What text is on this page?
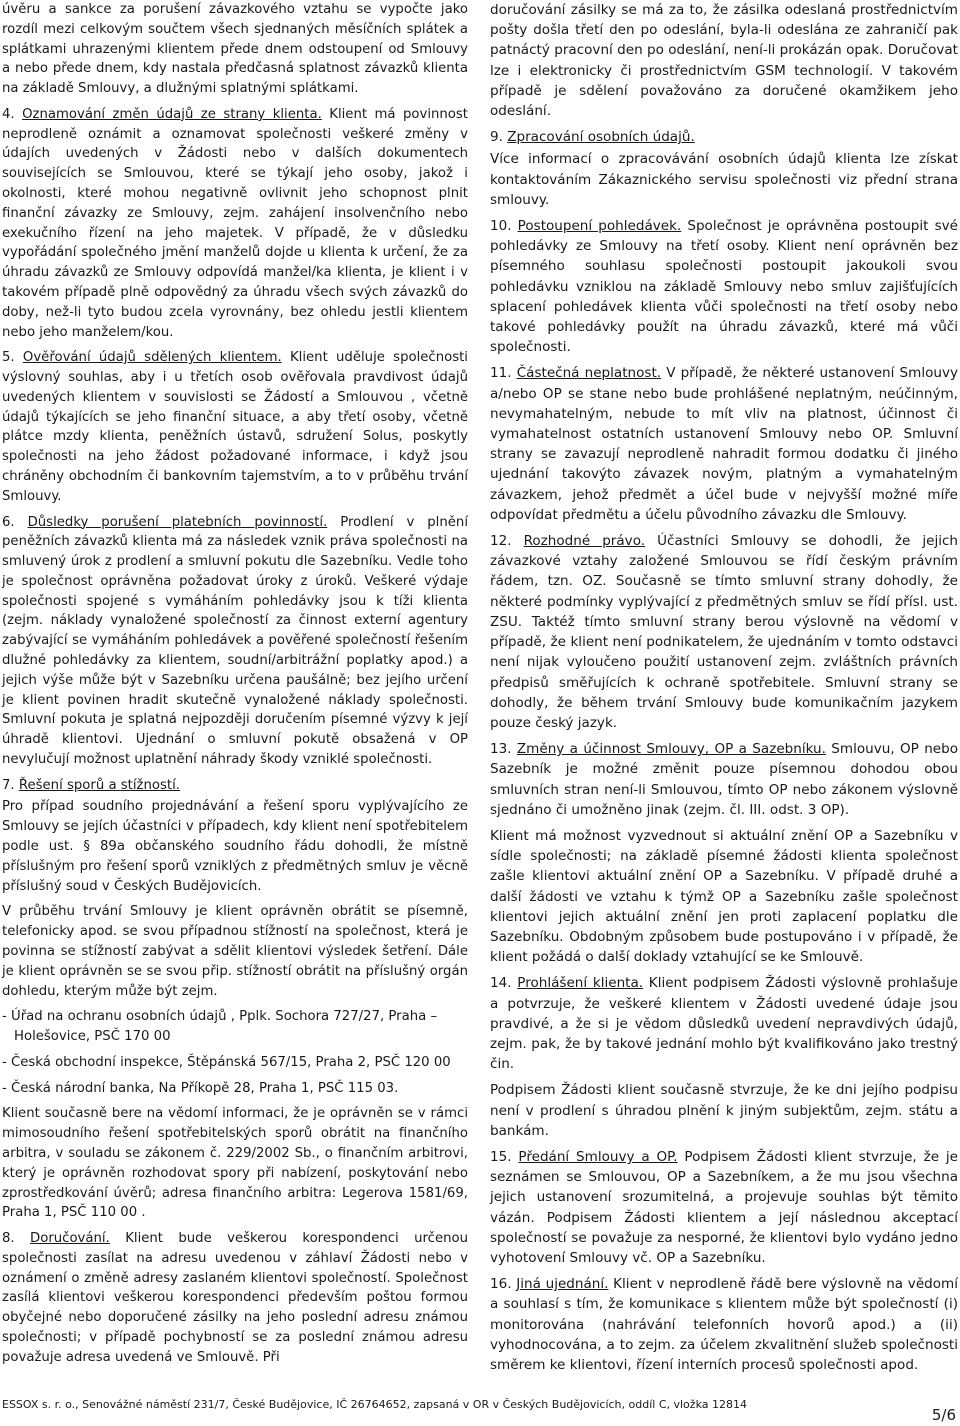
úvěru a sankce za porušení závazkového vztahu se vypočte jako rozdíl mezi celkovým součtem všech sjednaných měsíčních splátek a splátkami uhrazenými klientem přede dnem odstoupení od Smlouvy a nebo přede dnem, kdy nastala předčasná splatnost závazků klienta na základě Smlouvy, a dlužnými splatnými splátkami.

4. Oznamování změn údajů ze strany klienta. Klient má povinnost neprodleně oznámit a oznamovat společnosti veškeré změny v údajích uvedených v Žádosti nebo v dalších dokumentech souvisejících se Smlouvou, které se týkají jeho osoby, jakož i okolnosti, které mohou negativně ovlivnit jeho schopnost plnit finanční závazky ze Smlouvy, zejm. zahájení insolvenčního nebo exekučního řízení na jeho majetek. V případě, že v důsledku vypořádání společného jmění manželů dojde u klienta k určení, že za úhradu závazků ze Smlouvy odpovídá manžel/ka klienta, je klient i v takovém případě plně odpovědný za úhradu všech svých závazků do doby, než-li tyto budou zcela vyrovnány, bez ohledu jestli klientem nebo jeho manželem/kou.

5. Ověřování údajů sdělených klientem. Klient uděluje společnosti výslovný souhlas, aby i u třetích osob ověřovala pravdivost údajů uvedených klientem v souvislosti se Žádostí a Smlouvou , včetně údajů týkajících se jeho finanční situace, a aby třetí osoby, včetně plátce mzdy klienta, peněžních ústavů, sdružení Solus, poskytly společnosti na jeho žádost požadované informace, i když jsou chráněny obchodním či bankovním tajemstvím, a to v průběhu trvání Smlouvy.

6. Důsledky porušení platebních povinností. Prodlení v plnění peněžních závazků klienta má za následek vznik práva společnosti na smluvený úrok z prodlení a smluvní pokutu dle Sazebníku. Vedle toho je společnost oprávněna požadovat úroky z úroků. Veškeré výdaje společnosti spojené s vymáháním pohledávky jsou k tíži klienta (zejm. náklady vynaložené společností za činnost externí agentury zabývající se vymáháním pohledávek a pověřené společností řešením dlužné pohledávky za klientem, soudní/arbitrážní poplatky apod.) a jejich výše může být v Sazebníku určena paušálně; bez jejího určení je klient povinen hradit skutečně vynaložené náklady společnosti. Smluvní pokuta je splatná nejpozději doručením písemné výzvy k její úhradě klientovi. Ujednání o smluvní pokutě obsažená v OP nevylučují možnost uplatnění náhrady škody vzniklé společnosti.

7. Řešení sporů a stížností.

Pro případ soudního projednávání a řešení sporu vyplývajícího ze Smlouvy se jejích účastníci v případech, kdy klient není spotřebitelem podle ust. § 89a občanského soudního řádu dohodli, že místně příslušným pro řešení sporů vzniklých z předmětných smluv je věcně příslušný soud v Českých Budějovicích.

V průběhu trvání Smlouvy je klient oprávněn obrátit se písemně, telefonicky apod. se svou případnou stížností na společnost, která je povinna se stížností zabývat a sdělit klientovi výsledek šetření. Dále je klient oprávněn se se svou přip. stížností obrátit na příslušný orgán dohledu, kterým může být zejm.

- Úřad na ochranu osobních údajů , Pplk. Sochora 727/27, Praha – Holešovice, PSČ 170 00

- Česká obchodní inspekce, Štěpánská 567/15, Praha 2, PSČ 120 00

- Česká národní banka, Na Příkopě 28, Praha 1, PSČ 115 03.

Klient současně bere na vědomí informaci, že je oprávněn se v rámci mimosoudního řešení spotřebitelských sporů obrátit na finančního arbitra, v souladu se zákonem č. 229/2002 Sb., o finančním arbitrovi, který je oprávněn rozhodovat spory při nabízení, poskytování nebo zprostředkování úvěrů; adresa finančního arbitra: Legerova 1581/69, Praha 1, PSČ 110 00 .

8. Doručování. Klient bude veškerou korespondenci určenou společnosti zasílat na adresu uvedenou v záhlaví Žádosti nebo v oznámení o změně adresy zaslaném klientovi společností. Společnost zasílá klientovi veškerou korespondenci především poštou formou obyčejné nebo doporučené zásilky na jeho poslední adresu známou společnosti; v případě pochybností se za poslední známou adresu považuje adresa uvedená ve Smlouvě. Při

doručování zásilky se má za to, že zásilka odeslaná prostřednictvím pošty došla třetí den po odeslání, byla-li odeslána ze zahraničí pak patnáctý pracovní den po odeslání, není-li prokázán opak. Doručovat lze i elektronicky či prostřednictvím GSM technologií. V takovém případě je sdělení považováno za doručené okamžikem jeho odeslání.

9. Zpracování osobních údajů.

Více informací o zpracovávání osobních údajů klienta lze získat kontaktováním Zákaznického servisu společnosti viz přední strana smlouvy.

10. Postoupení pohledávek. Společnost je oprávněna postoupit své pohledávky ze Smlouvy na třetí osoby. Klient není oprávněn bez písemného souhlasu společnosti postoupit jakoukoli svou pohledávku vzniklou na základě Smlouvy nebo smluv zajišťujících splacení pohledávek klienta vůči společnosti na třetí osoby nebo takové pohledávky použít na úhradu závazků, které má vůči společnosti.

11. Částečná neplatnost. V případě, že některé ustanovení Smlouvy a/nebo OP se stane nebo bude prohlášené neplatným, neúčinným, nevymahatelným, nebude to mít vliv na platnost, účinnost či vymahatelnost ostatních ustanovení Smlouvy nebo OP. Smluvní strany se zavazují neprodleně nahradit formou dodatku či jiného ujednání takovýto závazek novým, platným a vymahatelným závazkem, jehož předmět a účel bude v nejvyšší možné míře odpovídat předmětu a účelu původního závazku dle Smlouvy.

12. Rozhodné právo. Účastníci Smlouvy se dohodli, že jejich závazkové vztahy založené Smlouvou se řídí českým právním řádem, tzn. OZ. Současně se tímto smluvní strany dohodly, že některé podmínky vyplývající z předmětných smluv se řídí přísl. ust. ZSU. Taktéž tímto smluvní strany berou výslovně na vědomí v případě, že klient není podnikatelem, že ujednáním v tomto odstavci není nijak vyloučeno použití ustanovení zejm. zvláštních právních předpisů směřujících k ochraně spotřebitele. Smluvní strany se dohodly, že během trvání Smlouvy bude komunikačním jazykem pouze český jazyk.

13. Změny a účinnost Smlouvy, OP a Sazebníku. Smlouvu, OP nebo Sazebník je možné změnit pouze písemnou dohodou obou smluvních stran není-li Smlouvou, tímto OP nebo zákonem výslovně sjednáno či umožněno jinak (zejm. čl. III. odst. 3 OP).

Klient má možnost vyzvednout si aktuální znění OP a Sazebníku v sídle společnosti; na základě písemné žádosti klienta společnost zašle klientovi aktuální znění OP a Sazebníku. V případě druhé a další žádosti ve vztahu k týmž OP a Sazebníku zašle společnost klientovi jejich aktuální znění jen proti zaplacení poplatku dle Sazebníku. Obdobným způsobem bude postupováno i v případě, že klient požádá o další doklady vztahující se ke Smlouvě.

14. Prohlášení klienta. Klient podpisem Žádosti výslovně prohlašuje a potvrzuje, že veškeré klientem v Žádosti uvedené údaje jsou pravdivé, a že si je vědom důsledků uvedení nepravdivých údajů, zejm. pak, že by takové jednání mohlo být kvalifikováno jako trestný čin.

Podpisem Žádosti klient současně stvrzuje, že ke dni jejího podpisu není v prodlení s úhradou plnění k jiným subjektům, zejm. státu a bankám.

15. Předání Smlouvy a OP. Podpisem Žádosti klient stvrzuje, že je seznámen se Smlouvou, OP a Sazebníkem, a že mu jsou všechna jejich ustanovení srozumitelná, a projevuje souhlas být těmito vázán. Podpisem Žádosti klientem a její následnou akceptací společností se považuje za nesporné, že klientovi bylo vydáno jedno vyhotovení Smlouvy vč. OP a Sazebníku.

16. Jiná ujednání. Klient v neprodleně řádě bere výslovně na vědomí a souhlasí s tím, že komunikace s klientem může být společností (i) monitorována (nahrávání telefonních hovorů apod.) a (ii) vyhodnocována, a to zejm. za účelem zkvalitnění služeb společnosti směrem ke klientovi, řízení interních procesů společnosti apod.

ESSOX s. r. o., Senovážné náměstí 231/7, České Budějovice, IČ 26764652, zapsaná v OR v Českých Budějovicích, oddíl C, vložka 12814
5/6
